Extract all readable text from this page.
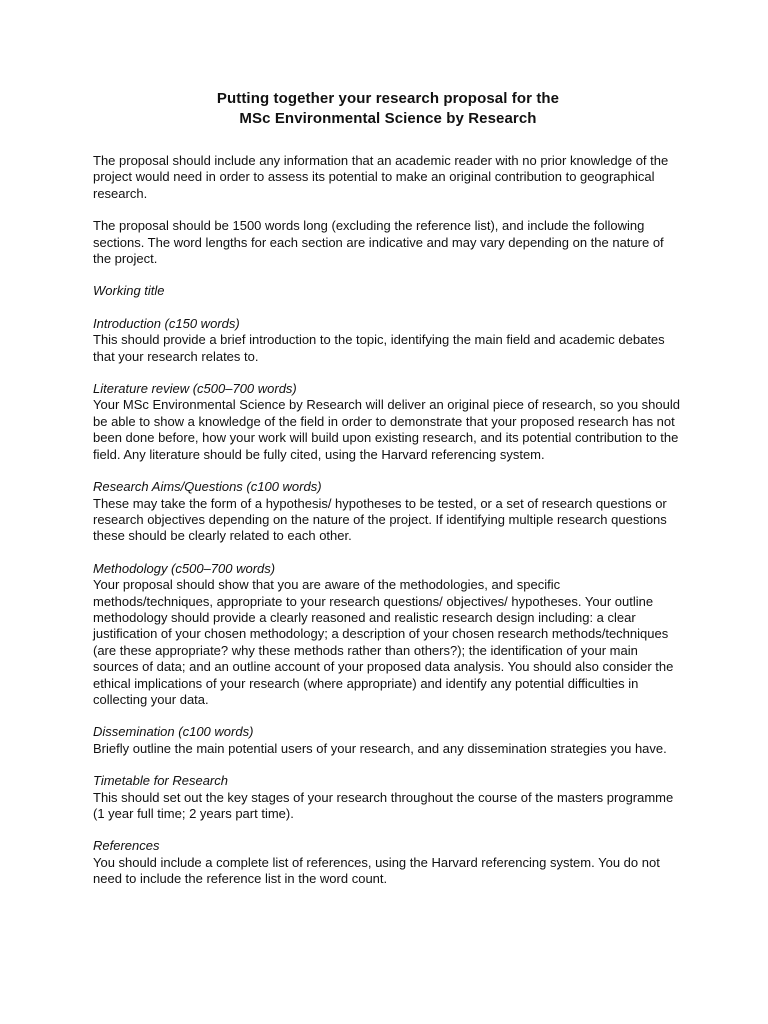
Putting together your research proposal for the
MSc Environmental Science by Research

The proposal should include any information that an academic reader with no prior knowledge of the project would need in order to assess its potential to make an original contribution to geographical research.

The proposal should be 1500 words long (excluding the reference list), and include the following sections. The word lengths for each section are indicative and may vary depending on the nature of the project.

Working title

Introduction (c150 words)

This should provide a brief introduction to the topic, identifying the main field and academic debates that your research relates to.

Literature review (c500–700 words)

Your MSc Environmental Science by Research will deliver an original piece of research, so you should be able to show a knowledge of the field in order to demonstrate that your proposed research has not been done before, how your work will build upon existing research, and its potential contribution to the field. Any literature should be fully cited, using the Harvard referencing system.

Research Aims/Questions (c100 words)

These may take the form of a hypothesis/ hypotheses to be tested, or a set of research questions or research objectives depending on the nature of the project. If identifying multiple research questions these should be clearly related to each other.

Methodology (c500–700 words)

Your proposal should show that you are aware of the methodologies, and specific methods/techniques, appropriate to your research questions/ objectives/ hypotheses. Your outline methodology should provide a clearly reasoned and realistic research design including: a clear justification of your chosen methodology; a description of your chosen research methods/techniques (are these appropriate? why these methods rather than others?); the identification of your main sources of data; and an outline account of your proposed data analysis. You should also consider the ethical implications of your research (where appropriate) and identify any potential difficulties in collecting your data.

Dissemination (c100 words)

Briefly outline the main potential users of your research, and any dissemination strategies you have.

Timetable for Research

This should set out the key stages of your research throughout the course of the masters programme (1 year full time; 2 years part time).

References

You should include a complete list of references, using the Harvard referencing system. You do not need to include the reference list in the word count.
